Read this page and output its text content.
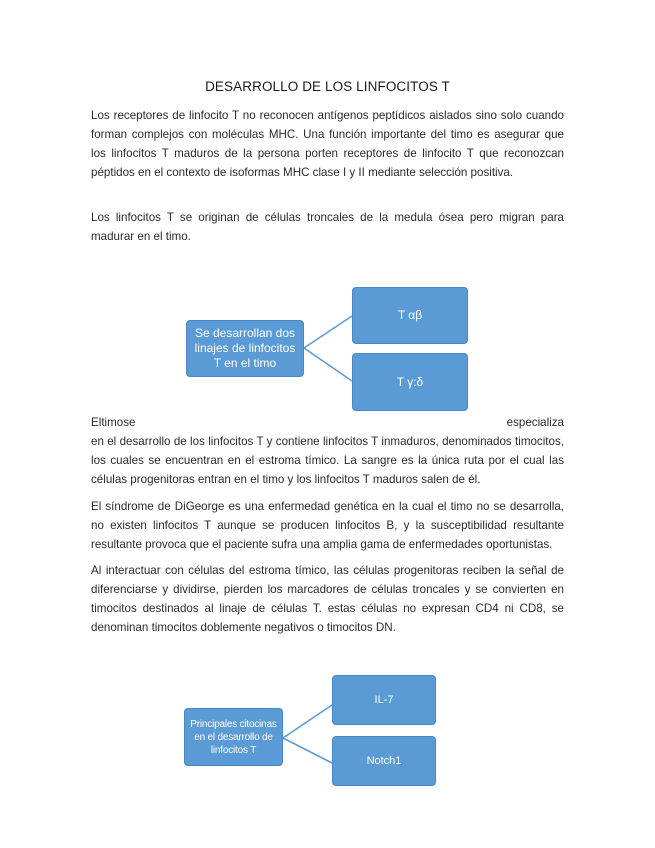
DESARROLLO DE LOS LINFOCITOS T

Los receptores de linfocito T no reconocen antígenos peptídicos aislados sino solo cuando forman complejos con moléculas MHC. Una función importante del timo es asegurar que los linfocitos T maduros de la persona porten receptores de linfocito T que reconozcan péptidos en el contexto de isoformas MHC clase I y II mediante selección positiva.

Los linfocitos T se originan de células troncales de la medula ósea pero migran para madurar en el timo.

Se desarrollan dos linajes de linfocitos T en el timo
T αβ
T γ:δ
El timo se	especializa

en el desarrollo de los linfocitos T y contiene linfocitos T inmaduros, denominados timocitos, los cuales se encuentran en el estroma tímico. La sangre es la única ruta por el cual las células progenitoras entran en el timo y los linfocitos T maduros salen de él.

El síndrome de DiGeorge es una enfermedad genética en la cual el timo no se desarrolla, no existen linfocitos T aunque se producen linfocitos B, y la susceptibilidad resultante resultante provoca que el paciente sufra una amplia gama de enfermedades oportunistas.

Al interactuar con células del estroma tímico, las células progenitoras reciben la señal de diferenciarse y dividirse, pierden los marcadores de células troncales y se convierten en timocitos destinados al linaje de células T. estas células no expresan CD4 ni CD8, se denominan timocitos doblemente negativos o timocitos DN.

Principales citocinas en el desarrollo de linfocitos T
IL-7
Notch1
